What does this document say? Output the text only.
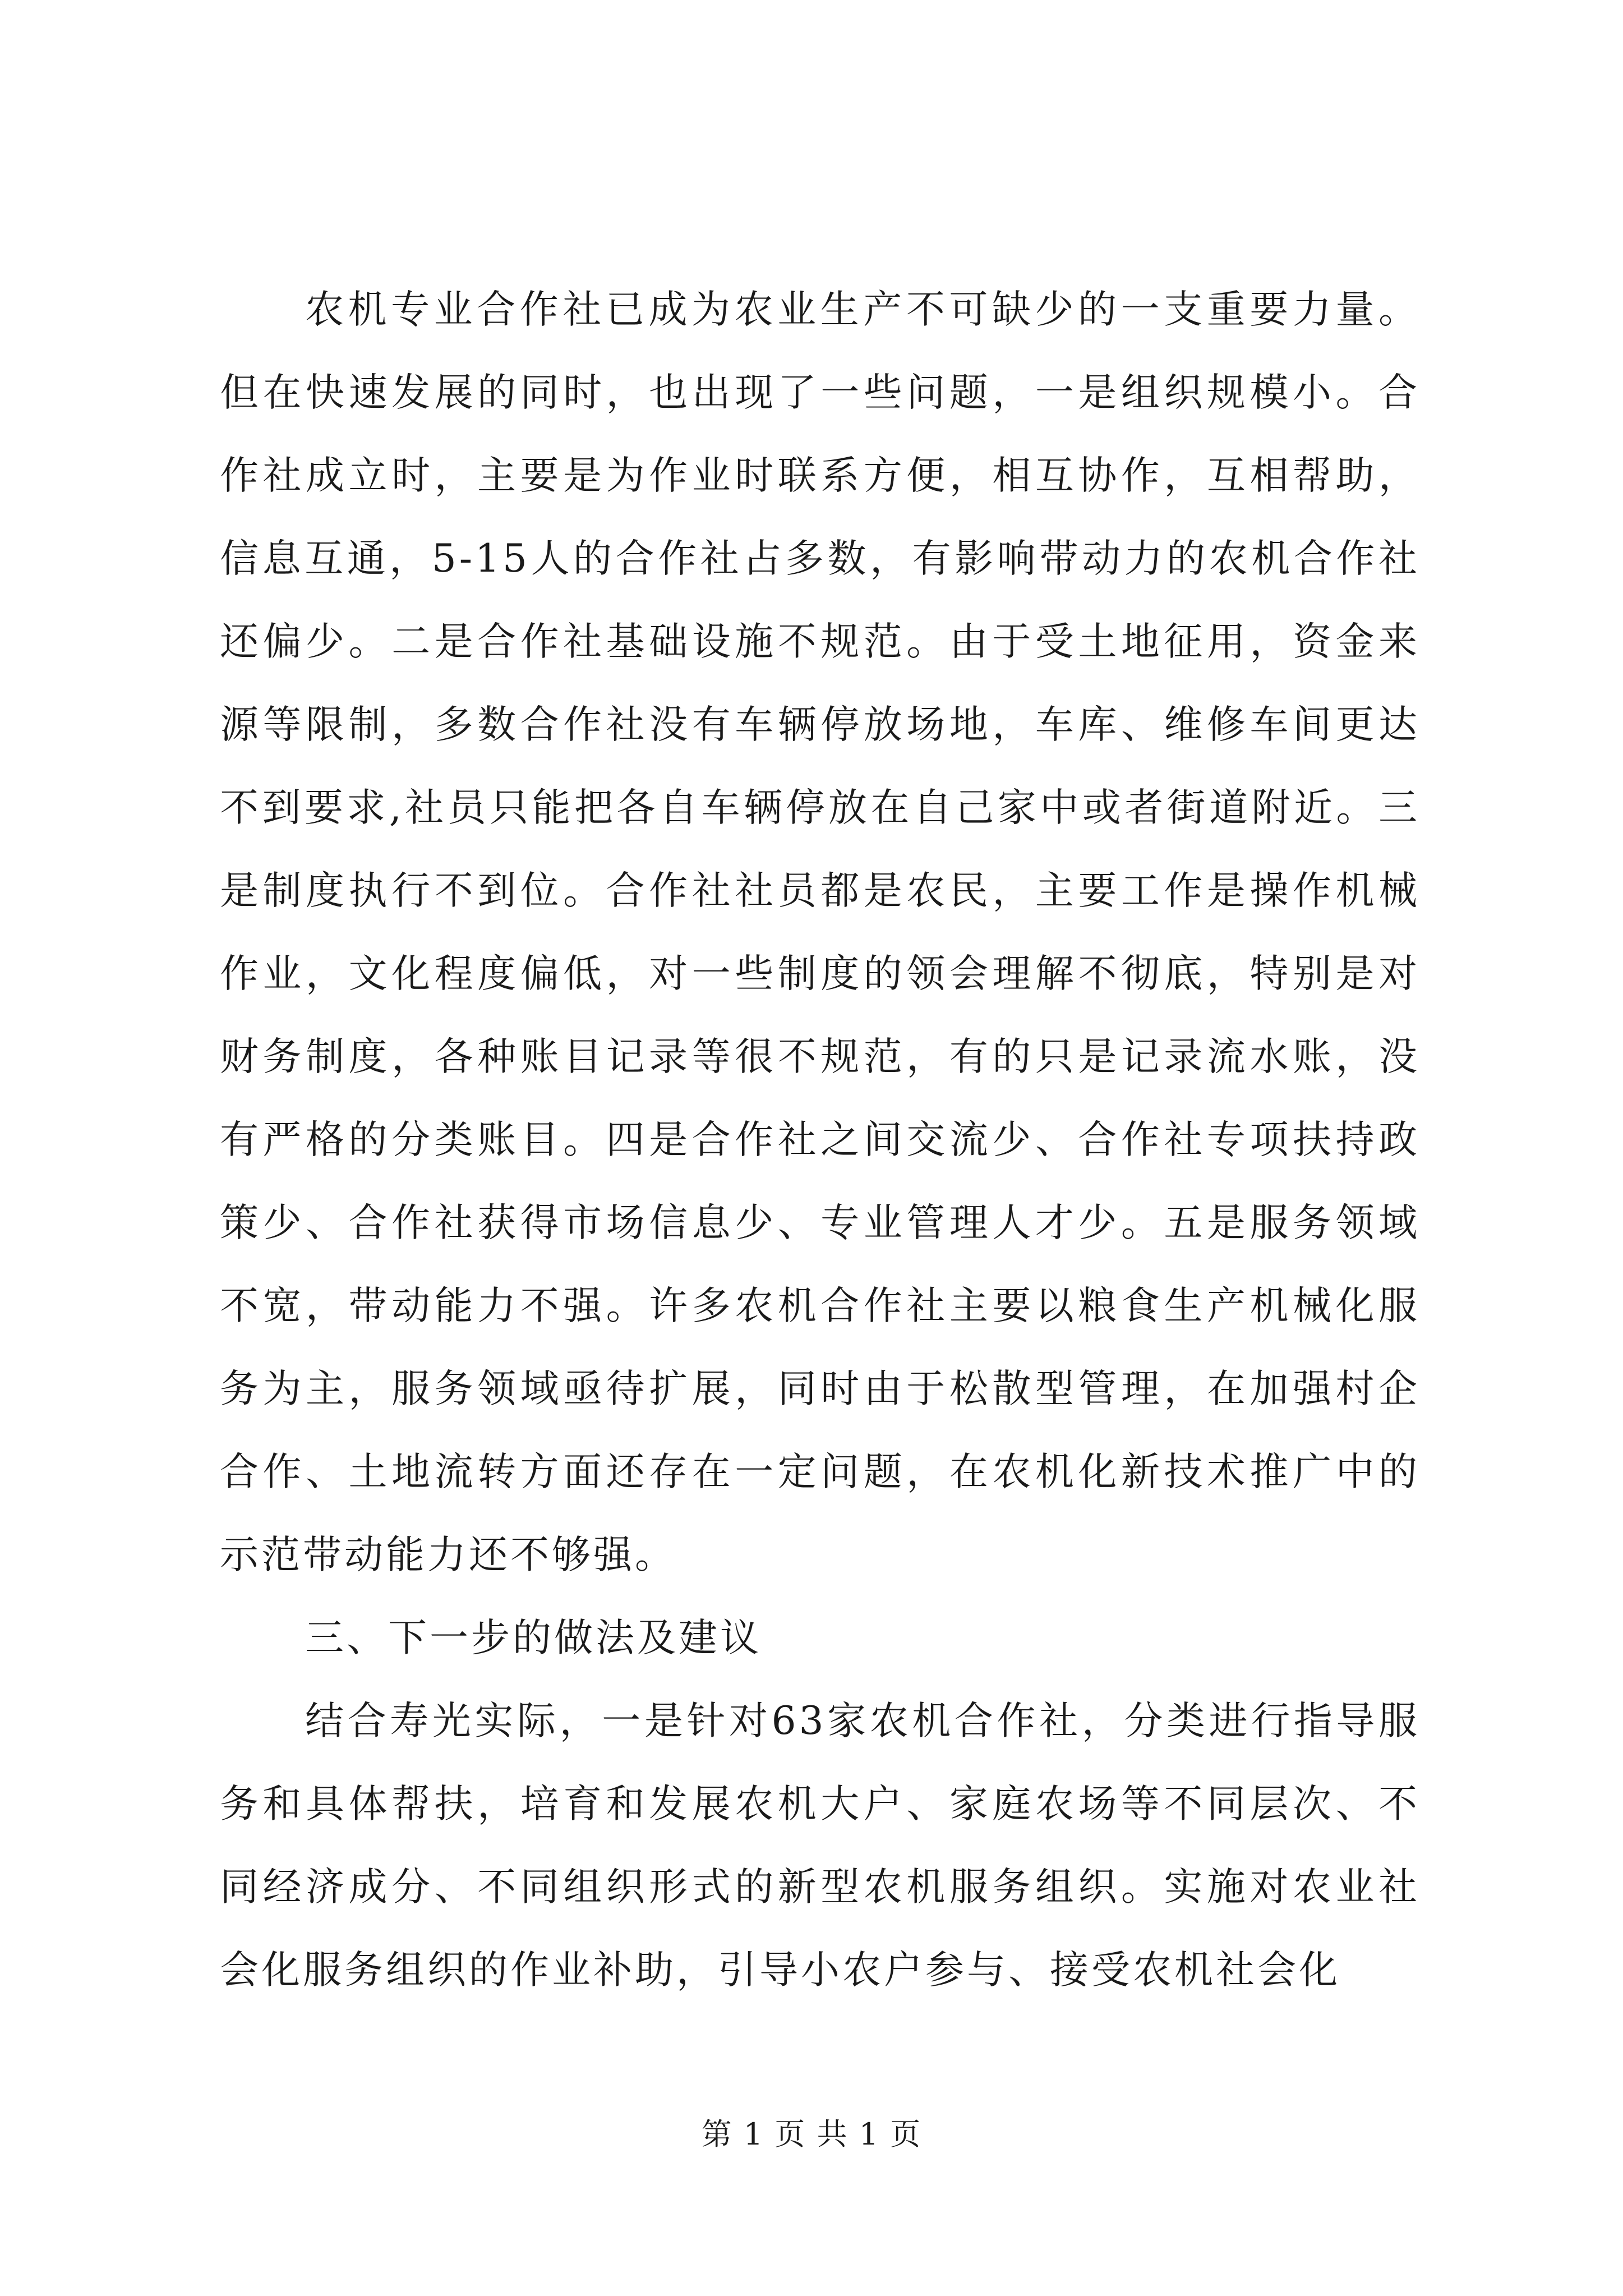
农机专业合作社已成为农业生产不可缺少的一支重要力量。但在快速发展的同时，也出现了一些问题，一是组织规模小。合作社成立时，主要是为作业时联系方便，相互协作，互相帮助，信息互通，5-15人的合作社占多数，有影响带动力的农机合作社还偏少。二是合作社基础设施不规范。由于受土地征用，资金来源等限制，多数合作社没有车辆停放场地，车库、维修车间更达不到要求,社员只能把各自车辆停放在自己家中或者街道附近。三是制度执行不到位。合作社社员都是农民，主要工作是操作机械作业，文化程度偏低，对一些制度的领会理解不彻底，特别是对财务制度，各种账目记录等很不规范，有的只是记录流水账，没有严格的分类账目。四是合作社之间交流少、合作社专项扶持政策少、合作社获得市场信息少、专业管理人才少。五是服务领域不宽，带动能力不强。许多农机合作社主要以粮食生产机械化服务为主，服务领域亟待扩展，同时由于松散型管理，在加强村企合作、土地流转方面还存在一定问题，在农机化新技术推广中的示范带动能力还不够强。

三、下一步的做法及建议

结合寿光实际，一是针对63家农机合作社，分类进行指导服务和具体帮扶，培育和发展农机大户、家庭农场等不同层次、不同经济成分、不同组织形式的新型农机服务组织。实施对农业社会化服务组织的作业补助，引导小农户参与、接受农机社会化

第 1 页 共 1 页
